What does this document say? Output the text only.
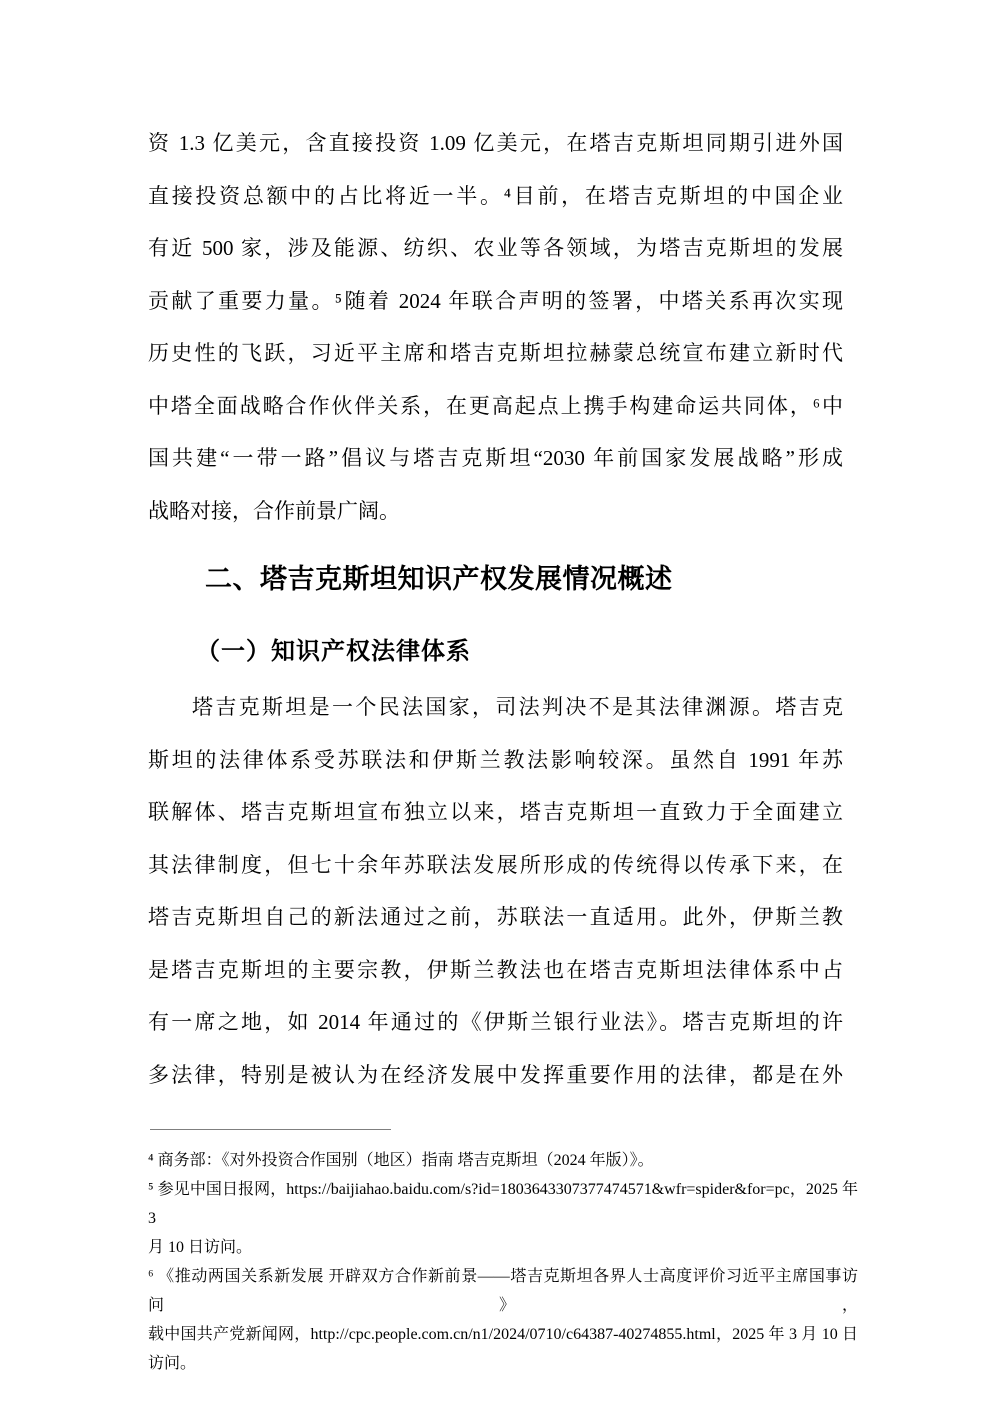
资 1.3 亿美元，含直接投资 1.09 亿美元，在塔吉克斯坦同期引进外国
直接投资总额中的占比将近一半。⁴目前，在塔吉克斯坦的中国企业
有近 500 家，涉及能源、纺织、农业等各领域，为塔吉克斯坦的发展
贡献了重要力量。⁵随着 2024 年联合声明的签署，中塔关系再次实现
历史性的飞跃，习近平主席和塔吉克斯坦拉赫蒙总统宣布建立新时代
中塔全面战略合作伙伴关系，在更高起点上携手构建命运共同体，⁶中
国共建“一带一路”倡议与塔吉克斯坦“2030 年前国家发展战略”形成
战略对接，合作前景广阔。
二、塔吉克斯坦知识产权发展情况概述
（一）知识产权法律体系
塔吉克斯坦是一个民法国家，司法判决不是其法律渊源。塔吉克
斯坦的法律体系受苏联法和伊斯兰教法影响较深。虽然自 1991 年苏
联解体、塔吉克斯坦宣布独立以来，塔吉克斯坦一直致力于全面建立
其法律制度，但七十余年苏联法发展所形成的传统得以传承下来，在
塔吉克斯坦自己的新法通过之前，苏联法一直适用。此外，伊斯兰教
是塔吉克斯坦的主要宗教，伊斯兰教法也在塔吉克斯坦法律体系中占
有一席之地，如 2014 年通过的《伊斯兰银行业法》。塔吉克斯坦的许
多法律，特别是被认为在经济发展中发挥重要作用的法律，都是在外
⁴ 商务部：《对外投资合作国别（地区）指南 塔吉克斯坦（2024 年版）》。
⁵ 参见中国日报网，https://baijiahao.baidu.com/s?id=1803643307377474571&wfr=spider&for=pc，2025 年 3
月 10 日访问。
⁶ 《推动两国关系新发展 开辟双方合作新前景——塔吉克斯坦各界人士高度评价习近平主席国事访问》，
载中国共产党新闻网，http://cpc.people.com.cn/n1/2024/0710/c64387-40274855.html，2025 年 3 月 10 日访问。
